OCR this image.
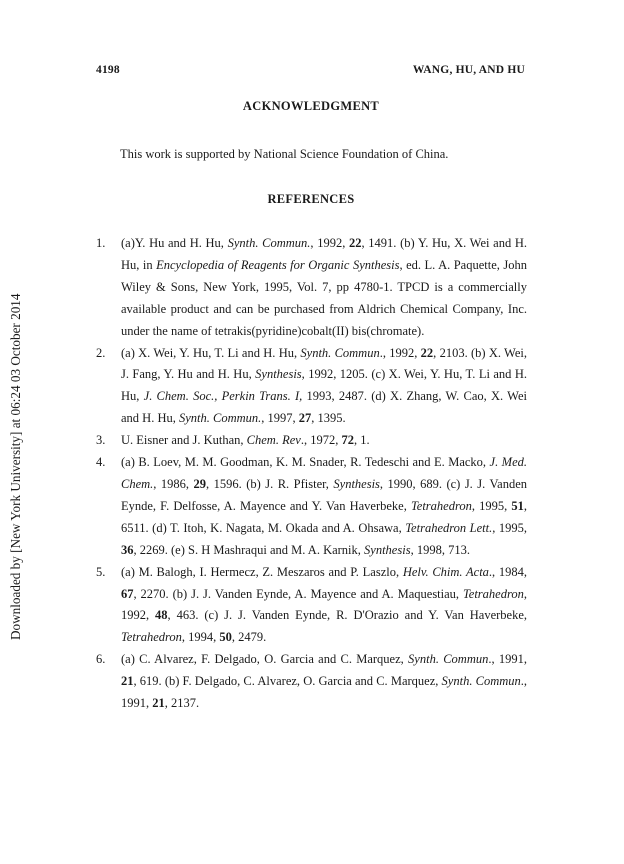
Downloaded by [New York University] at 06:24 03 October 2014
4198	WANG, HU, AND HU
ACKNOWLEDGMENT
This work is supported by National Science Foundation of China.
REFERENCES
1. (a)Y. Hu and H. Hu, Synth. Commun., 1992, 22, 1491. (b) Y. Hu, X. Wei and H. Hu, in Encyclopedia of Reagents for Organic Synthesis, ed. L. A. Paquette, John Wiley & Sons, New York, 1995, Vol. 7, pp 4780-1. TPCD is a commercially available product and can be purchased from Aldrich Chemical Company, Inc. under the name of tetrakis(pyridine)cobalt(II) bis(chromate).
2. (a) X. Wei, Y. Hu, T. Li and H. Hu, Synth. Commun., 1992, 22, 2103. (b) X. Wei, J. Fang, Y. Hu and H. Hu, Synthesis, 1992, 1205. (c) X. Wei, Y. Hu, T. Li and H. Hu, J. Chem. Soc., Perkin Trans. I, 1993, 2487. (d) X. Zhang, W. Cao, X. Wei and H. Hu, Synth. Commun., 1997, 27, 1395.
3. U. Eisner and J. Kuthan, Chem. Rev., 1972, 72, 1.
4. (a) B. Loev, M. M. Goodman, K. M. Snader, R. Tedeschi and E. Macko, J. Med. Chem., 1986, 29, 1596. (b) J. R. Pfister, Synthesis, 1990, 689. (c) J. J. Vanden Eynde, F. Delfosse, A. Mayence and Y. Van Haverbeke, Tetrahedron, 1995, 51, 6511. (d) T. Itoh, K. Nagata, M. Okada and A. Ohsawa, Tetrahedron Lett., 1995, 36, 2269. (e) S. H Mashraqui and M. A. Karnik, Synthesis, 1998, 713.
5. (a) M. Balogh, I. Hermecz, Z. Meszaros and P. Laszlo, Helv. Chim. Acta., 1984, 67, 2270. (b) J. J. Vanden Eynde, A. Mayence and A. Maquestiau, Tetrahedron, 1992, 48, 463. (c) J. J. Vanden Eynde, R. D'Orazio and Y. Van Haverbeke, Tetrahedron, 1994, 50, 2479.
6. (a) C. Alvarez, F. Delgado, O. Garcia and C. Marquez, Synth. Commun., 1991, 21, 619. (b) F. Delgado, C. Alvarez, O. Garcia and C. Marquez, Synth. Commun., 1991, 21, 2137.
